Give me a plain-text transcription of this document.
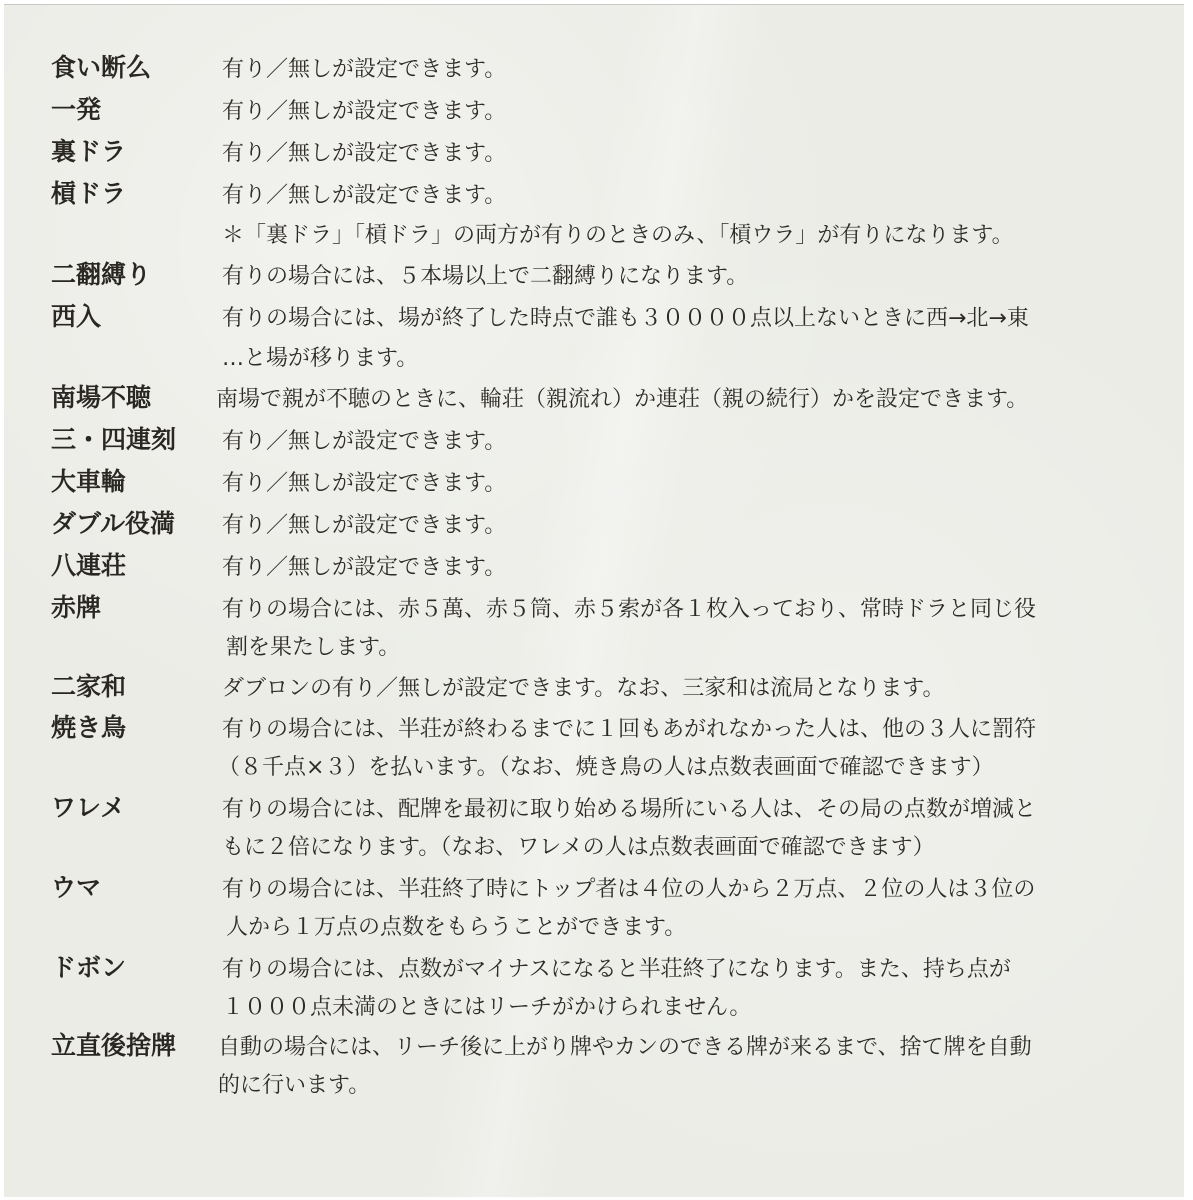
食い断么	有り／無しが設定できます。
一発	有り／無しが設定できます。
裏ドラ	有り／無しが設定できます。
槓ドラ	有り／無しが設定できます。
＊「裏ドラ」「槓ドラ」の両方が有りのときのみ、「槓ウラ」が有りになります。
二翻縛り	有りの場合には、５本場以上で二翻縛りになります。
西入	有りの場合には、場が終了した時点で誰も３００００点以上ないときに西→北→東
…と場が移ります。
南場不聴	南場で親が不聴のときに、輪荘（親流れ）か連荘（親の続行）かを設定できます。
三・四連刻 有り／無しが設定できます。
大車輪	有り／無しが設定できます。
ダブル役満 有り／無しが設定できます。
八連荘	有り／無しが設定できます。
赤牌	有りの場合には、赤５萬、赤５筒、赤５索が各１枚入っており、常時ドラと同じ役
割を果たします。
二家和	ダブロンの有り／無しが設定できます。なお、三家和は流局となります。
焼き鳥	有りの場合には、半荘が終わるまでに１回もあがれなかった人は、他の３人に罰符
（８千点×３）を払います。（なお、焼き鳥の人は点数表画面で確認できます）
ワレメ	有りの場合には、配牌を最初に取り始める場所にいる人は、その局の点数が増減と
もに２倍になります。（なお、ワレメの人は点数表画面で確認できます）
ウマ	有りの場合には、半荘終了時にトップ者は４位の人から２万点、２位の人は３位の
人から１万点の点数をもらうことができます。
ドボン	有りの場合には、点数がマイナスになると半荘終了になります。また、持ち点が
１０００点未満のときにはリーチがかけられません。
立直後捨牌 自動の場合には、リーチ後に上がり牌やカンのできる牌が来るまで、捨て牌を自動
的に行います。
